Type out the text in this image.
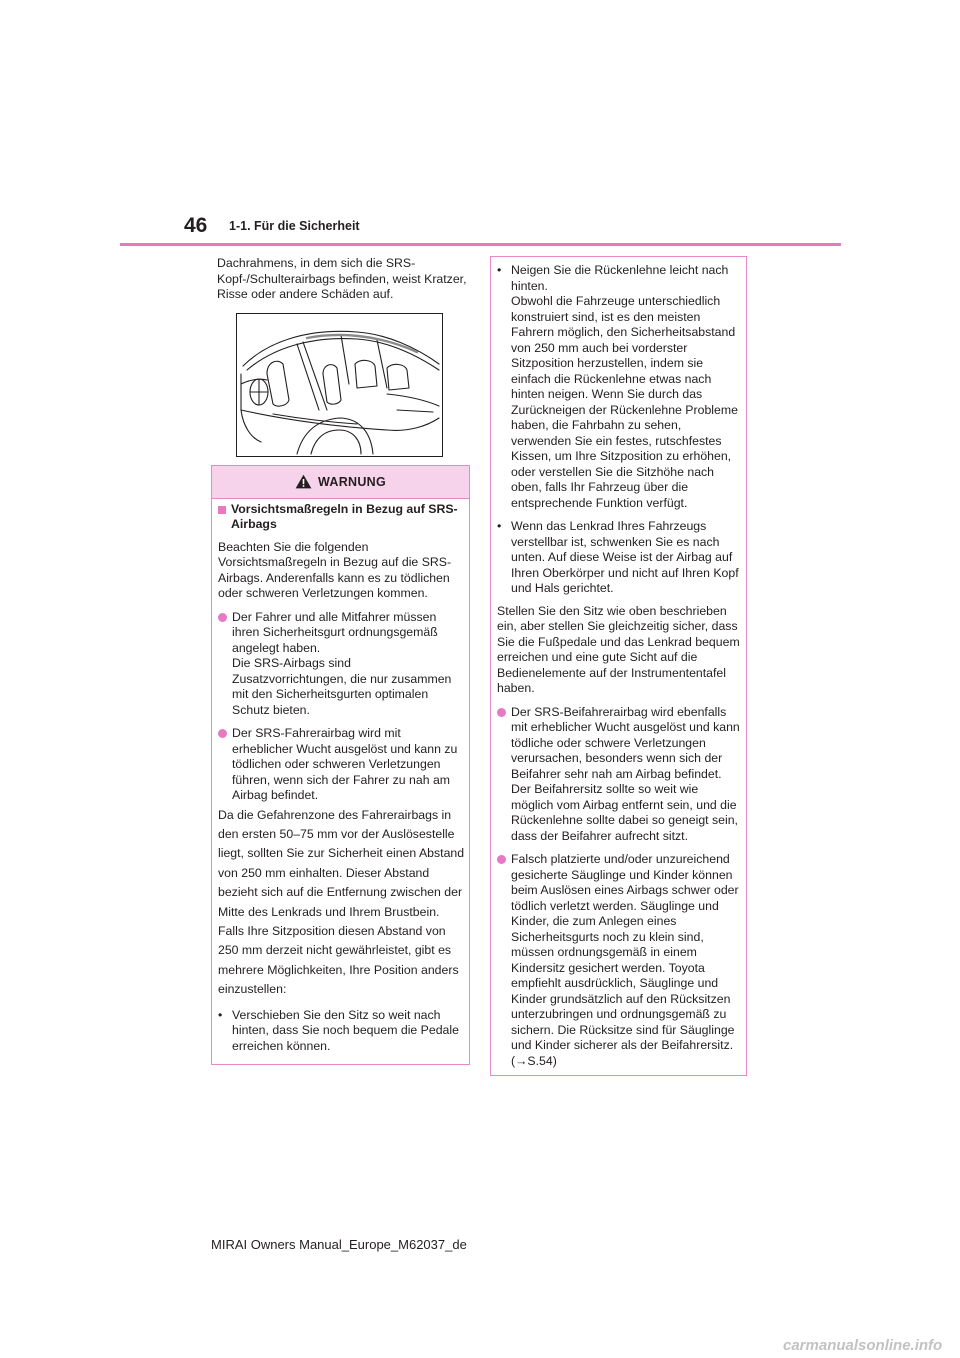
46 1-1. Für die Sicherheit

Dachrahmens, in dem sich die SRS-Kopf-/Schulterairbags befinden, weist Kratzer, Risse oder andere Schäden auf.

WARNUNG
Vorsichtsmaßregeln in Bezug auf SRS-Airbags
Beachten Sie die folgenden Vorsichtsmaßregeln in Bezug auf die SRS-Airbags. Anderenfalls kann es zu tödlichen oder schweren Verletzungen kommen.
Der Fahrer und alle Mitfahrer müssen ihren Sicherheitsgurt ordnungsgemäß angelegt haben.
Die SRS-Airbags sind Zusatzvorrichtungen, die nur zusammen mit den Sicherheitsgurten optimalen Schutz bieten.
Der SRS-Fahrerairbag wird mit erheblicher Wucht ausgelöst und kann zu tödlichen oder schweren Verletzungen führen, wenn sich der Fahrer zu nah am Airbag befindet.
Da die Gefahrenzone des Fahrerairbags in den ersten 50–75 mm vor der Auslösestelle liegt, sollten Sie zur Sicherheit einen Abstand von 250 mm einhalten. Dieser Abstand bezieht sich auf die Entfernung zwischen der Mitte des Lenkrads und Ihrem Brustbein. Falls Ihre Sitzposition diesen Abstand von 250 mm derzeit nicht gewährleistet, gibt es mehrere Möglichkeiten, Ihre Position anders einzustellen:
• Verschieben Sie den Sitz so weit nach hinten, dass Sie noch bequem die Pedale erreichen können.
• Neigen Sie die Rückenlehne leicht nach hinten.
Obwohl die Fahrzeuge unterschiedlich konstruiert sind, ist es den meisten Fahrern möglich, den Sicherheitsabstand von 250 mm auch bei vorderster Sitzposition herzustellen, indem sie einfach die Rückenlehne etwas nach hinten neigen. Wenn Sie durch das Zurückneigen der Rückenlehne Probleme haben, die Fahrbahn zu sehen, verwenden Sie ein festes, rutschfestes Kissen, um Ihre Sitzposition zu erhöhen, oder verstellen Sie die Sitzhöhe nach oben, falls Ihr Fahrzeug über die entsprechende Funktion verfügt.
• Wenn das Lenkrad Ihres Fahrzeugs verstellbar ist, schwenken Sie es nach unten. Auf diese Weise ist der Airbag auf Ihren Oberkörper und nicht auf Ihren Kopf und Hals gerichtet.
Stellen Sie den Sitz wie oben beschrieben ein, aber stellen Sie gleichzeitig sicher, dass Sie die Fußpedale und das Lenkrad bequem erreichen und eine gute Sicht auf die Bedienelemente auf der Instrumententafel haben.
Der SRS-Beifahrerairbag wird ebenfalls mit erheblicher Wucht ausgelöst und kann tödliche oder schwere Verletzungen verursachen, besonders wenn sich der Beifahrer sehr nah am Airbag befindet. Der Beifahrersitz sollte so weit wie möglich vom Airbag entfernt sein, und die Rückenlehne sollte dabei so geneigt sein, dass der Beifahrer aufrecht sitzt.
Falsch platzierte und/oder unzureichend gesicherte Säuglinge und Kinder können beim Auslösen eines Airbags schwer oder tödlich verletzt werden. Säuglinge und Kinder, die zum Anlegen eines Sicherheitsgurts noch zu klein sind, müssen ordnungsgemäß in einem Kindersitz gesichert werden. Toyota empfiehlt ausdrücklich, Säuglinge und Kinder grundsätzlich auf den Rücksitzen unterzubringen und ordnungsgemäß zu sichern. Die Rücksitze sind für Säuglinge und Kinder sicherer als der Beifahrersitz. (→S.54)
MIRAI Owners Manual_Europe_M62037_de
carmanualsonline.info
